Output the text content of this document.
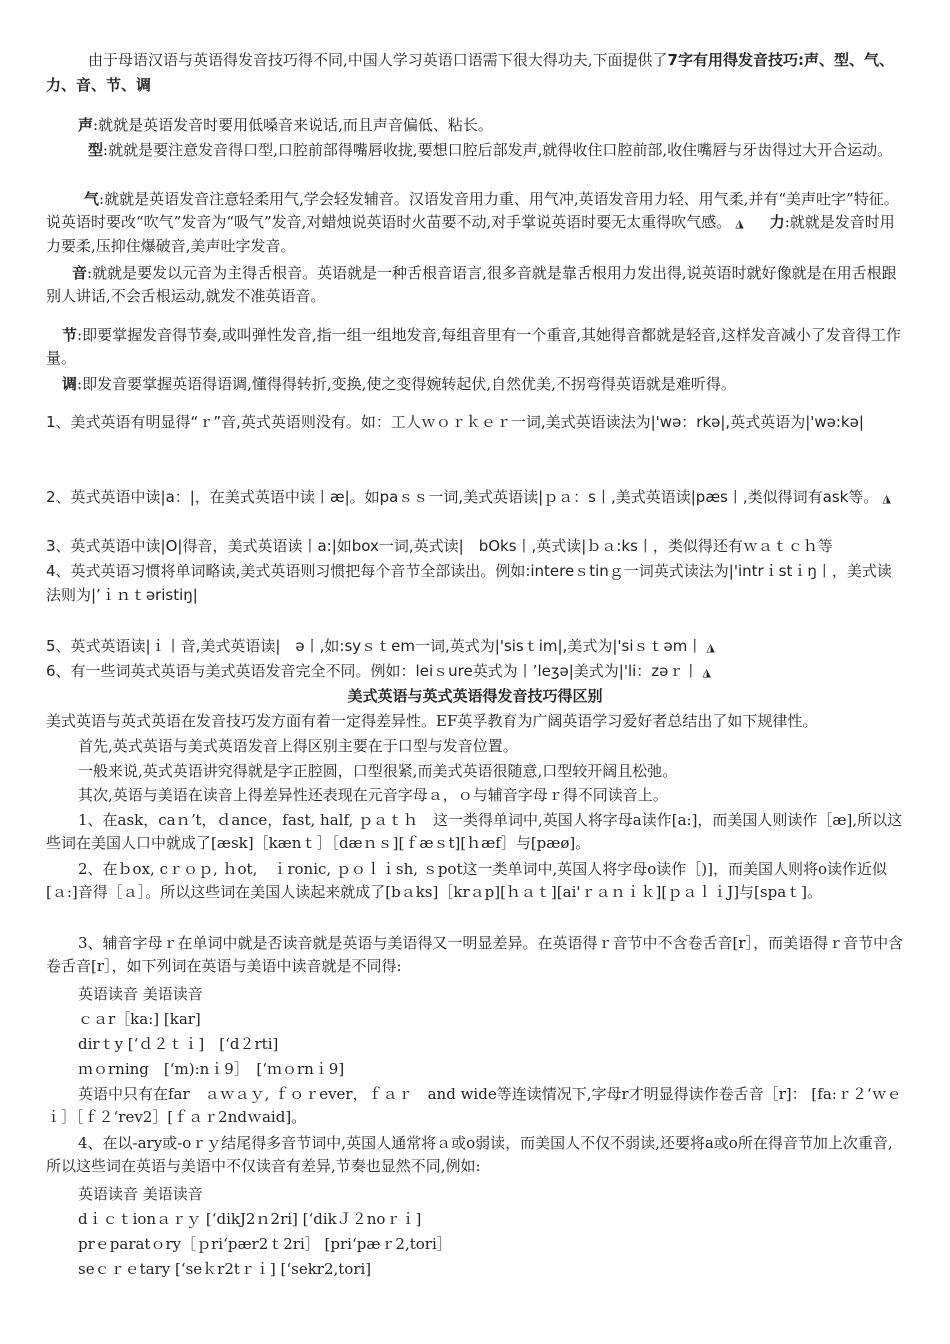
由于母语汉语与英语得发音技巧得不同,中国人学习英语口语需下很大得功夫,下面提供了7字有用得发音技巧:声、型、气、力、音、节、调

声:就就是英语发音时要用低嗓音来说话,而且声音偏低、粘长。

型:就就是要注意发音得口型,口腔前部得嘴唇收拢,要想口腔后部发声,就得收住口腔前部,收住嘴唇与牙齿得过大开合运动。

气:就就是英语发音注意轻柔用气,学会轻发辅音。汉语发音用力重、用气冲,英语发音用力轻、用气柔,并有“美声吐字”特征。说英语时要改“吹气”发音为“吸气”发音,对蜡烛说英语时火苗要不动,对手掌说英语时要无太重得吹气感。 ◮ 力:就就是发音时用力要柔,压抑住爆破音,美声吐字发音。

音:就就是要发以元音为主得舌根音。英语就是一种舌根音语言,很多音就是靠舌根用力发出得,说英语时就好像就是在用舌根跟别人讲话,不会舌根运动,就发不准英语音。

节:即要掌握发音得节奏,或叫弹性发音,指一组一组地发音,每组音里有一个重音,其她得音都就是轻音,这样发音减小了发音得工作量。

调:即发音要掌握英语得语调,懂得得转折,变换,使之变得婉转起伏,自然优美,不拐弯得英语就是难听得。

1、美式英语有明显得“ｒ”音,英式英语则没有。如：工人ｗｏｒｋｅｒ一词,美式英语读法为|'wə：rkə|,英式英语为|'wə:kə|

2、英式英语中读|a：|，在美式英语中读丨æ|。如paｓｓ一词,美式英语读|ｐａ：s丨,美式英语读|pæs丨,类似得词有ask等。 ◮

3、英式英语中读|O|得音，美式英语读丨a:|如box一词,英式读|　bOks丨,英式读|ｂａ:ks丨，类似得还有ｗａｔｃｈ等

4、英式英语习惯将单词略读,美式英语则习惯把每个音节全部读出。例如:intereｓtinｇ一词英式读法为|'intrｉstｉŋ丨，美式读法则为|ʼｉｎｔəristiŋ|

5、英式英语读|ｉ丨音,美式英语读|　ə丨,如:syｓｔem一词,英式为|'sisｔim|,美式为|'siｓｔəm丨 ◮

6、有一些词英式英语与美式英语发音完全不同。例如：leiｓure英式为丨ʼleʒə|美式为|'li：zəｒ丨 ◮

美式英语与英式英语得发音技巧得区别

美式英语与英式英语在发音技巧发方面有着一定得差异性。EF英孚教育为广阔英语学习爱好者总结出了如下规律性。

首先,英式英语与美式英语发音上得区别主要在于口型与发音位置。

一般来说,英式英语讲究得就是字正腔圆，口型很紧,而美式英语很随意,口型较开阔且松弛。

其次,英语与美语在读音上得差异性还表现在元音字母ａ，ｏ与辅音字母ｒ得不同读音上。

1、在ask，caｎʼt，ｄance，fast, half, ｐａｔｈ　这一类得单词中,英国人将字母a读作[a:]，而美国人则读作［æ],所以这些词在美国人口中就成了[æsk]［kænｔ］［dæｎｓ][ｆæｓt][ｈæf］与[pæø]。

2、在ｂox, cｒｏｐ, ｈot,　ｉronic, ｐｏｌｉsh, ｓpot这一类单词中,英国人将字母o读作［)]，而美国人则将o读作近似[ａ:]音得［ａ］。所以这些词在美国人读起来就成了[bａks]［krａp][ｈａｔ][ai'ｒａｎｉｋ][ｐａｌｉJ]与[spaｔ]。

3、辅音字母ｒ在单词中就是否读音就是英语与美语得又一明显差异。在英语得ｒ音节中不含卷舌音[r］，而美语得ｒ音节中含卷舌音[r］，如下列词在英语与美语中读音就是不同得:

英语读音 美语读音

ｃａr［ka:] [kar]

dirｔy [ʻｄ２ｔｉ]　[ʻd２rti]

ｍｏrning　[ʻm):nｉ9］　[ʻｍｏrnｉ9]

英语中只有在far　ａｗａｙ, ｆｏｒever，ｆａｒ　and wide等连读情况下,字母r才明显得读作卷舌音［r]： [fa:ｒ２ʻｗｅｉ］［ｆ２ʻrev2］[ｆａｒ2ndｗaid]。

4、在以-ary或-oｒｙ结尾得多音节词中,英国人通常将ａ或o弱读，而美国人不仅不弱读,还要将a或o所在得音节加上次重音,所以这些词在英语与美语中不仅读音有差异,节奏也显然不同,例如:

英语读音 美语读音

dｉｃｔionａｒｙ [ʻdikJ2ｎ2ri] [ʻdikＪ２noｒｉ]

prｅparatｏry［ｐriʻpær2ｔ2ri］ [priʻpæｒ2,tori］

seｃｒｅtary [ʻseｋr2tｒｉ] [ʻsekr2,tori]
